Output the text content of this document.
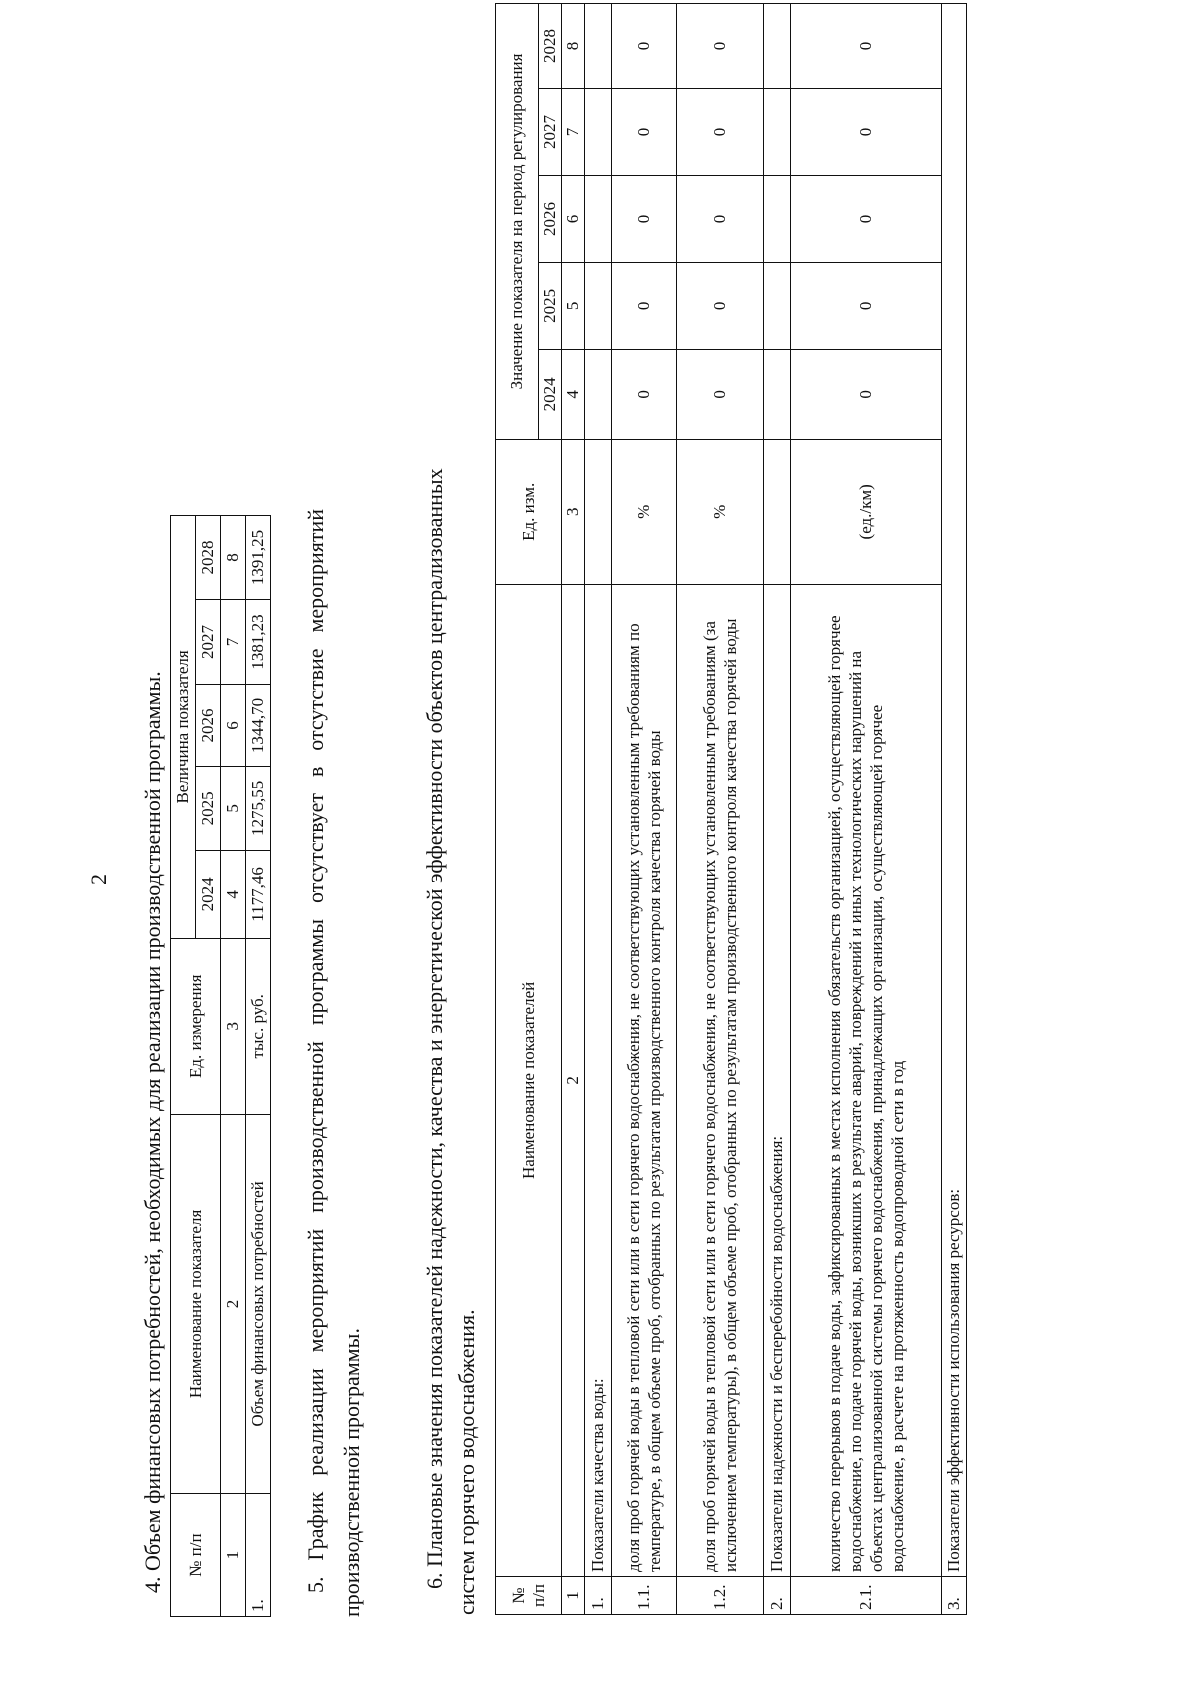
2 4. Объем финансовых потребностей, необходимых для реализации производственной программы. № п/п	Наименование показателя	Ед. измерения	Величина показателя				
			2024	2025	2026	2027	2028
1	2	3	4	5	6	7	8
1.	Объем финансовых потребностей	тыс. руб.	1177,46	1275,55	1344,70	1381,23	1391,25
5.
График
реализации
мероприятий
производственной
программы
отсутствует
в
отсутствие
мероприятий
производственной программы.	6. Плановые значения показателей надежности, качества и энергетической эффективности объектов централизованных систем горячего водоснабжения. № п/п	Наименование показателей	Ед. изм.	Значение показателя на период регулирования				
			2024	2025	2026	2027	2028
1	2	3	4	5	6	7	8
1.	Показатели качества воды:						
1.1.	доля проб горячей воды в тепловой сети или в сети горячего водоснабжения, не соответствующих установленным требованиям по температуре, в общем объеме проб, отобранных по результатам производственного контроля качества горячей воды	%	0	0	0	0	0
1.2.	доля проб горячей воды в тепловой сети или в сети горячего водоснабжения, не соответствующих установленным требованиям (за исключением температуры), в общем объеме проб, отобранных по результатам производственного контроля качества горячей воды	%	0	0	0	0	0
2.	Показатели надежности и бесперебойности водоснабжения:						
2.1.	количество перерывов в подаче воды, зафиксированных в местах исполнения обязательств организацией, осуществляющей горячее водоснабжение, по подаче горячей воды, возникших в результате аварий, повреждений и иных технологических нарушений на объектах централизованной системы горячего водоснабжения, принадлежащих организации, осуществляющей горячее водоснабжение, в расчете на протяженность водопроводной сети в год	(ед./км)	0	0	0	0	0
3.	Показатели эффективности использования ресурсов:						
